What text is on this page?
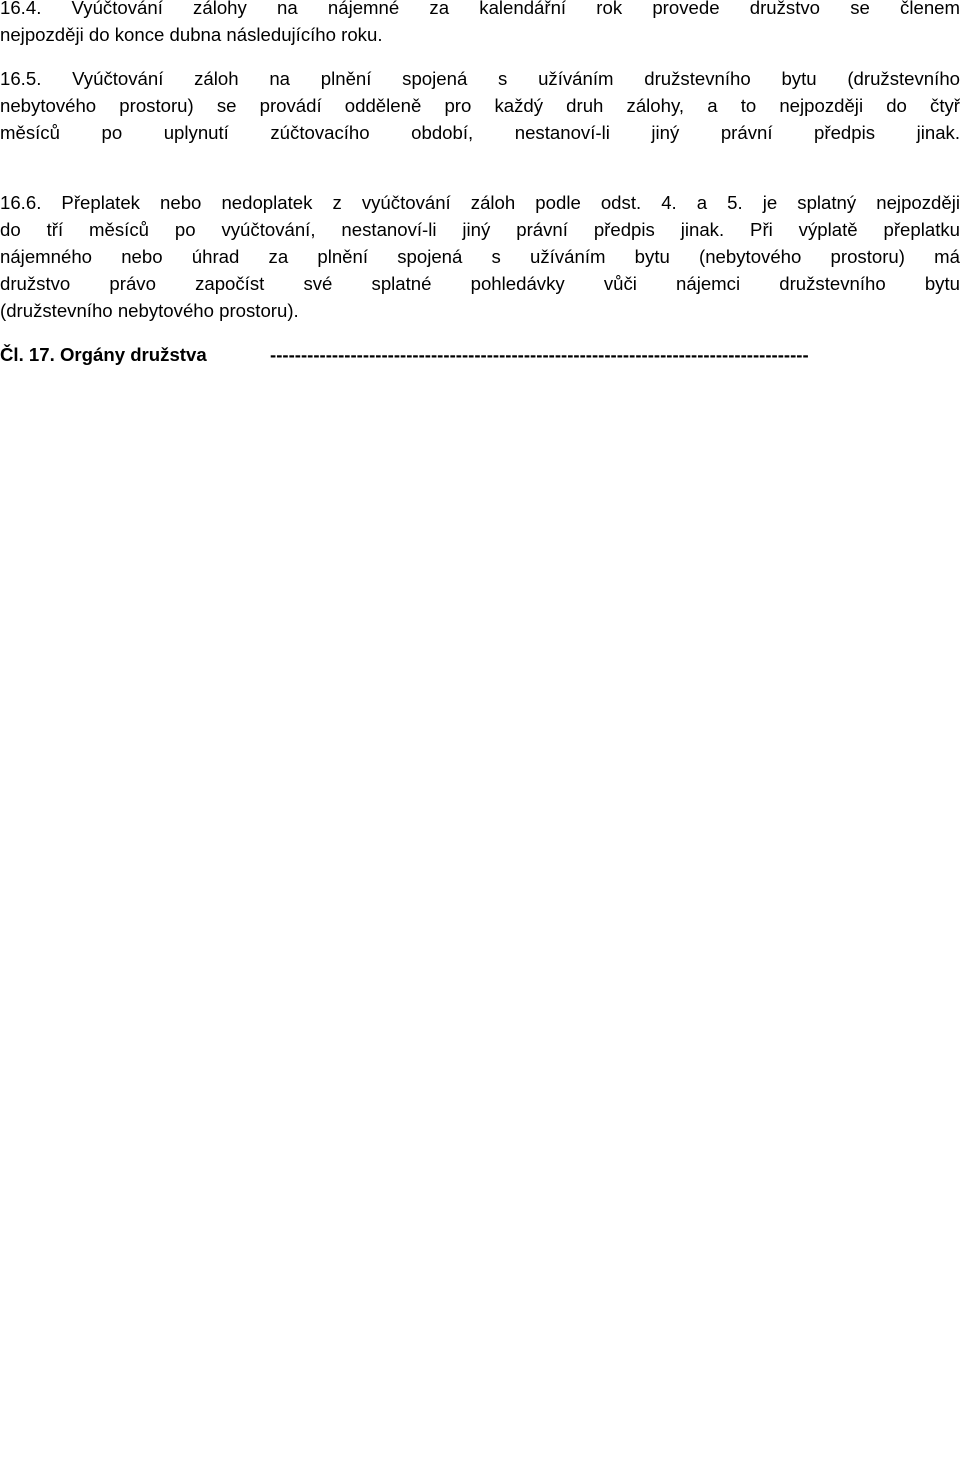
16.4. Vyúčtování zálohy na nájemné za kalendářní rok provede družstvo se členem

nejpozději do konce dubna následujícího roku.

16.5. Vyúčtování záloh na plnění spojená s užíváním družstevního bytu (družstevního

nebytového prostoru) se provádí odděleně pro každý druh zálohy, a to nejpozději do čtyř

měsíců po uplynutí zúčtovacího období, nestanoví-li jiný právní předpis jinak.

16.6. Přeplatek nebo nedoplatek z vyúčtování záloh podle odst. 4. a 5. je splatný nejpozději

do tří měsíců po vyúčtování, nestanoví-li jiný právní předpis jinak. Při výplatě přeplatku

nájemného nebo úhrad za plnění spojená s užíváním bytu (nebytového prostoru) má

družstvo právo započíst své splatné pohledávky vůči nájemci družstevního bytu

(družstevního nebytového prostoru).

Čl. 17. Orgány družstva	---------------------------------------------------------------------------------------
